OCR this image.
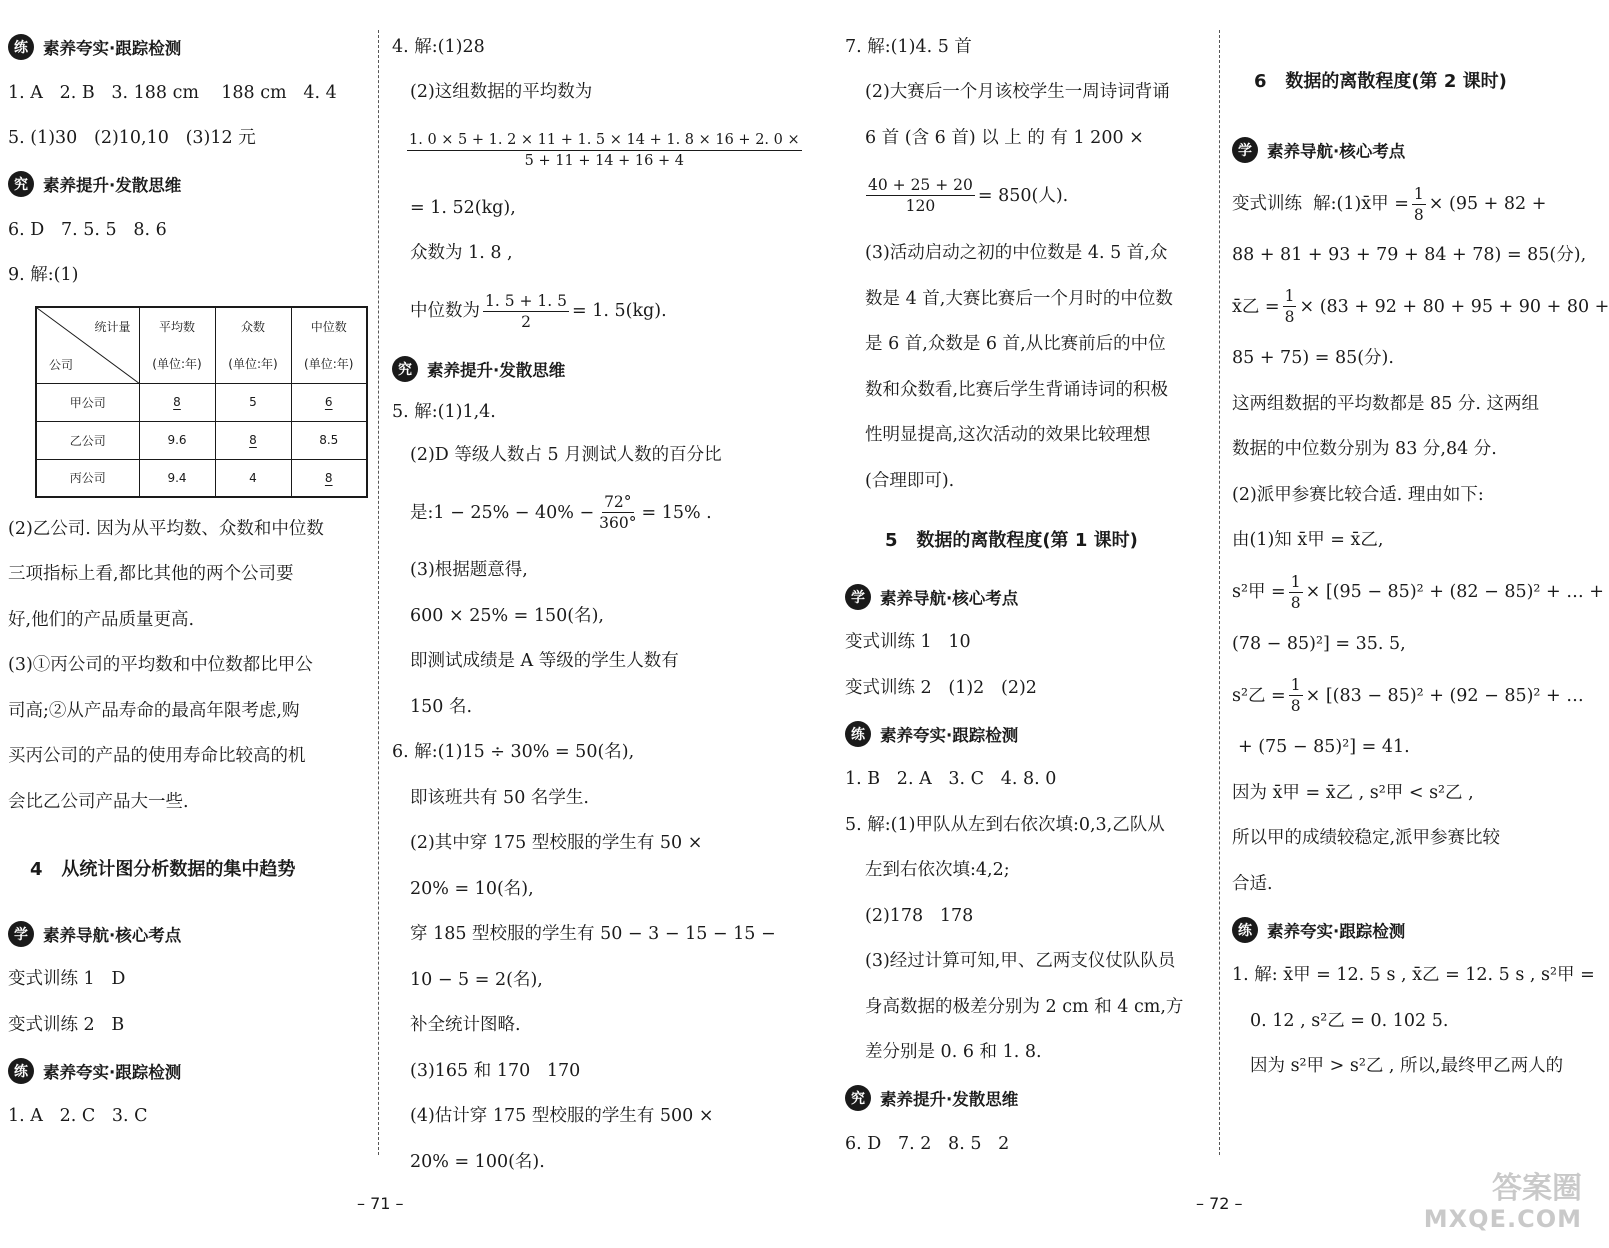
练 素养夸实·跟踪检测
1. A   2. B   3. 188 cm    188 cm   4. 4
5. (1)30   (2)10,10   (3)12 元
究 素养提升·发散思维
6. D   7. 5. 5   8. 6
9. 解:(1)
统计量
公司	平均数	众数	中位数
	(单位:年)	(单位:年)	(单位:年)
甲公司	8	5	6
乙公司	9.6	8	8.5
丙公司	9.4	4	8
(2)乙公司. 因为从平均数、众数和中位数
三项指标上看,都比其他的两个公司要
好,他们的产品质量更高.
(3)①丙公司的平均数和中位数都比甲公
司高;②从产品寿命的最高年限考虑,购
买丙公司的产品的使用寿命比较高的机
会比乙公司产品大一些.
4   从统计图分析数据的集中趋势
学 素养导航·核心考点
变式训练 1   D
变式训练 2   B
练 素养夸实·跟踪检测
1. A   2. C   3. C
4. 解:(1)28
(2)这组数据的平均数为
$\frac{1. 0 \times 5 + 1. 2 \times 11 + 1. 5 \times 14 + 1. 8 \times 16 + 2. 0 \times}{5 + 11 + 14 + 16 + 4}$
= 1. 52(kg),
众数为 1. 8 ,
中位数为 $\frac{1. 5 + 1. 5}{2} = 1$. 5(kg).
究 素养提升·发散思维
5. 解:(1)1,4.
(2)D 等级人数占 5 月测试人数的百分比
是:1 − $25\% - 40\% - \frac{72^\circ}{360^\circ} = 15\%$ .
(3)根据题意得,
600 × 25% = 150(名),
即测试成绩是 A 等级的学生人数有
150 名.
6. 解:(1)15 ÷ 30% = 50(名),
即该班共有 50 名学生.
(2)其中穿 175 型校服的学生有 50 ×
20% = 10(名),
穿 185 型校服的学生有 50 − 3 − 15 − 15 −
10 − 5 = 2(名),
补全统计图略.
(3)165 和 170   170
(4)估计穿 175 型校服的学生有 500 ×
20% = 100(名).
7. 解:(1)4. 5 首
(2)大赛后一个月该校学生一周诗词背诵
6 首 (含 6 首) 以 上 的 有 1 200 ×
$\frac{40 + 25 + 20}{120} = 850$(人).
(3)活动启动之初的中位数是 4. 5 首,众
数是 4 首,大赛比赛后一个月时的中位数
是 6 首,众数是 6 首,从比赛前后的中位
数和众数看,比赛后学生背诵诗词的积极
性明显提高,这次活动的效果比较理想
(合理即可).
5   数据的离散程度(第 1 课时)
学 素养导航·核心考点
变式训练 1   10
变式训练 2   (1)2   (2)2
练 素养夸实·跟踪检测
1. B   2. A   3. C   4. 8. 0
5. 解:(1)甲队从左到右依次填:0,3,乙队从
左到右依次填:4,2;
(2)178   178
(3)经过计算可知,甲、乙两支仪仗队队员
身高数据的极差分别为 2 cm 和 4 cm,方
差分别是 0. 6 和 1. 8.
究 素养提升·发散思维
6. D   7. 2   8. 5   2
6   数据的离散程度(第 2 课时)
学 素养导航·核心考点
变式训练  解:(1)x̄甲 = $\frac{1}{8} \times (95 + 82$ +
88 + 81 + 93 + 79 + 84 + 78) = 85(分),
x̄乙 = $\frac{1}{8} \times (83 + 92 + 80 + 95 + 90 + 80$ +
85 + 75) = 85(分).
这两组数据的平均数都是 85 分. 这两组
数据的中位数分别为 83 分,84 分.
(2)派甲参赛比较合适. 理由如下:
由(1)知 x̄甲 = x̄乙,
s²甲 = $\frac{1}{8} \times [(95 - 85)^2 + (82 - 85)^2$ + … +
(78 − 85)²] = 35. 5,
s²乙 = $\frac{1}{8} \times [(83 - 85)^2 + (92 - 85)^2$ + …
+ (75 − 85)²] = 41.
因为 x̄甲 = x̄乙 , s²甲 < s²乙 ,
所以甲的成绩较稳定,派甲参赛比较
合适.
练 素养夸实·跟踪检测
1. 解: x̄甲 = 12. 5 s , x̄乙 = 12. 5 s , s²甲 =
0. 12 , s²乙 = 0. 102 5.
因为 s²甲 > s²乙 , 所以,最终甲乙两人的
– 71 –	– 72 –	答案圈
MXQE.COM
